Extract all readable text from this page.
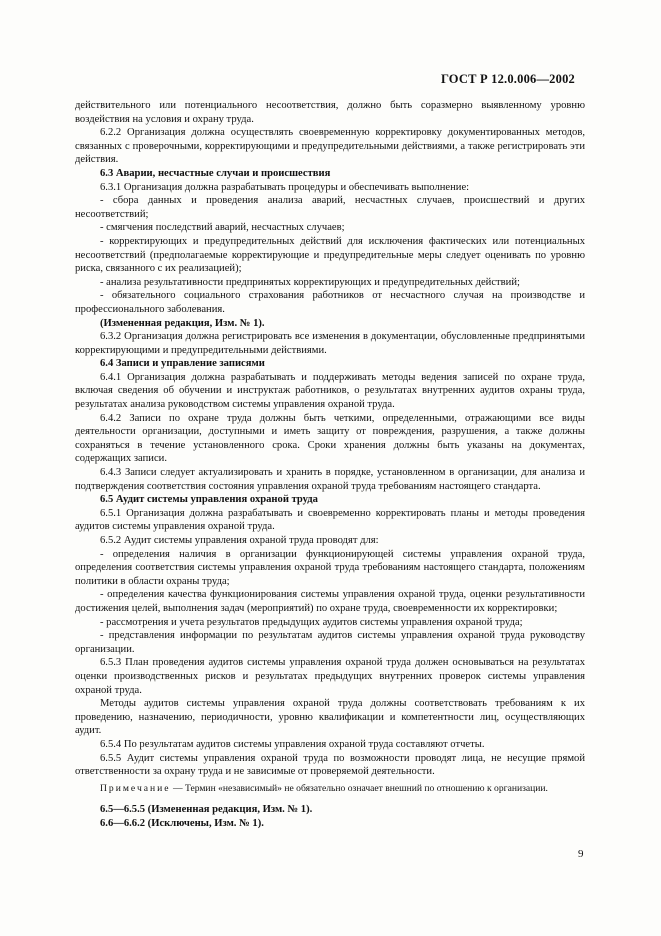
ГОСТ Р 12.0.006—2002

действительного или потенциального несоответствия, должно быть соразмерно выявленному уровню воздействия на условия и охрану труда.

6.2.2 Организация должна осуществлять своевременную корректировку документированных методов, связанных с проверочными, корректирующими и предупредительными действиями, а также регистрировать эти действия.

6.3 Аварии, несчастные случаи и происшествия

6.3.1 Организация должна разрабатывать процедуры и обеспечивать выполнение:

- сбора данных и проведения анализа аварий, несчастных случаев, происшествий и других несоответствий;

- смягчения последствий аварий, несчастных случаев;

- корректирующих и предупредительных действий для исключения фактических или потенциальных несоответствий (предполагаемые корректирующие и предупредительные меры следует оценивать по уровню риска, связанного с их реализацией);

- анализа результативности предпринятых корректирующих и предупредительных действий;

- обязательного социального страхования работников от несчастного случая на производстве и профессионального заболевания.

(Измененная редакция, Изм. № 1).

6.3.2 Организация должна регистрировать все изменения в документации, обусловленные предпринятыми корректирующими и предупредительными действиями.

6.4 Записи и управление записями

6.4.1 Организация должна разрабатывать и поддерживать методы ведения записей по охране труда, включая сведения об обучении и инструктаж работников, о результатах внутренних аудитов охраны труда, результатах анализа руководством системы управления охраной труда.

6.4.2 Записи по охране труда должны быть четкими, определенными, отражающими все виды деятельности организации, доступными и иметь защиту от повреждения, разрушения, а также должны сохраняться в течение установленного срока. Сроки хранения должны быть указаны на документах, содержащих записи.

6.4.3 Записи следует актуализировать и хранить в порядке, установленном в организации, для анализа и подтверждения соответствия состояния управления охраной труда требованиям настоящего стандарта.

6.5 Аудит системы управления охраной труда

6.5.1 Организация должна разрабатывать и своевременно корректировать планы и методы проведения аудитов системы управления охраной труда.

6.5.2 Аудит системы управления охраной труда проводят для:

- определения наличия в организации функционирующей системы управления охраной труда, определения соответствия системы управления охраной труда требованиям настоящего стандарта, положениям политики в области охраны труда;

- определения качества функционирования системы управления охраной труда, оценки результативности достижения целей, выполнения задач (мероприятий) по охране труда, своевременности их корректировки;

- рассмотрения и учета результатов предыдущих аудитов системы управления охраной труда;

- представления информации по результатам аудитов системы управления охраной труда руководству организации.

6.5.3 План проведения аудитов системы управления охраной труда должен основываться на результатах оценки производственных рисков и результатах предыдущих внутренних проверок системы управления охраной труда.

Методы аудитов системы управления охраной труда должны соответствовать требованиям к их проведению, назначению, периодичности, уровню квалификации и компетентности лиц, осуществляющих аудит.

6.5.4 По результатам аудитов системы управления охраной труда составляют отчеты.

6.5.5 Аудит системы управления охраной труда по возможности проводят лица, не несущие прямой ответственности за охрану труда и не зависимые от проверяемой деятельности.

Примечание — Термин «независимый» не обязательно означает внешний по отношению к организации.

6.5—6.5.5 (Измененная редакция, Изм. № 1).

6.6—6.6.2 (Исключены, Изм. № 1).

9
